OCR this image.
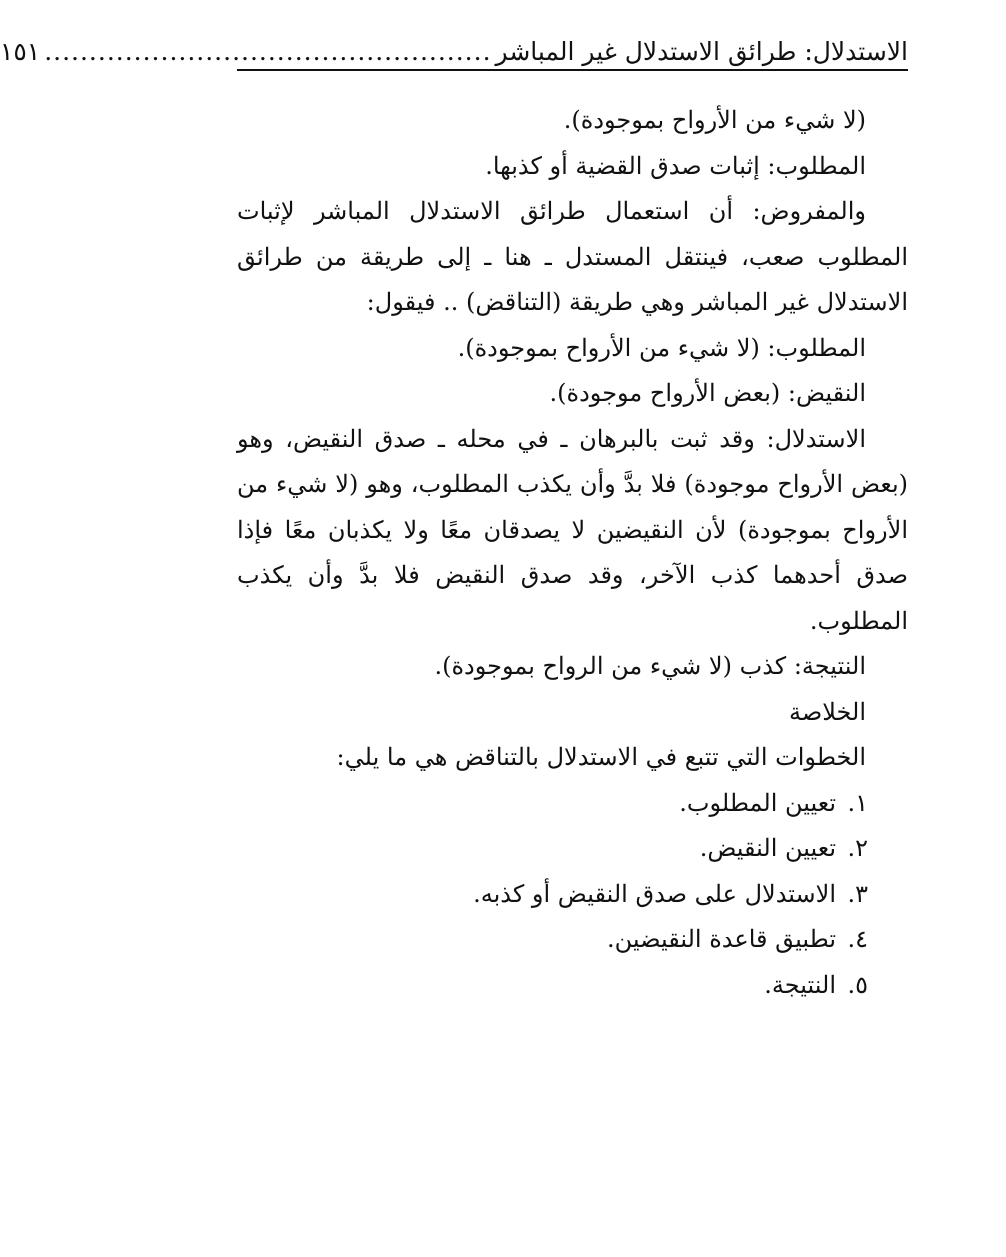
الاستدلال: طرائق الاستدلال غير المباشر
..................................................
١٥١

(لا شيء من الأرواح بموجودة).

المطلوب: إثبات صدق القضية أو كذبها.

والمفروض: أن استعمال طرائق الاستدلال المباشر لإثبات المطلوب صعب، فينتقل المستدل ـ هنا ـ إلى طريقة من طرائق الاستدلال غير المباشر وهي طريقة (التناقض) .. فيقول:

المطلوب: (لا شيء من الأرواح بموجودة).

النقيض: (بعض الأرواح موجودة).

الاستدلال: وقد ثبت بالبرهان ـ في محله ـ صدق النقيض، وهو (بعض الأرواح موجودة) فلا بدَّ وأن يكذب المطلوب، وهو (لا شيء من الأرواح بموجودة) لأن النقيضين لا يصدقان معًا ولا يكذبان معًا فإذا صدق أحدهما كذب الآخر، وقد صدق النقيض فلا بدَّ وأن يكذب المطلوب.

النتيجة: كذب (لا شيء من الرواح بموجودة).

الخلاصة

الخطوات التي تتبع في الاستدلال بالتناقض هي ما يلي:

١.
تعيين المطلوب.
٢.
تعيين النقيض.
٣.
الاستدلال على صدق النقيض أو كذبه.
٤.
تطبيق قاعدة النقيضين.
٥.
النتيجة.
